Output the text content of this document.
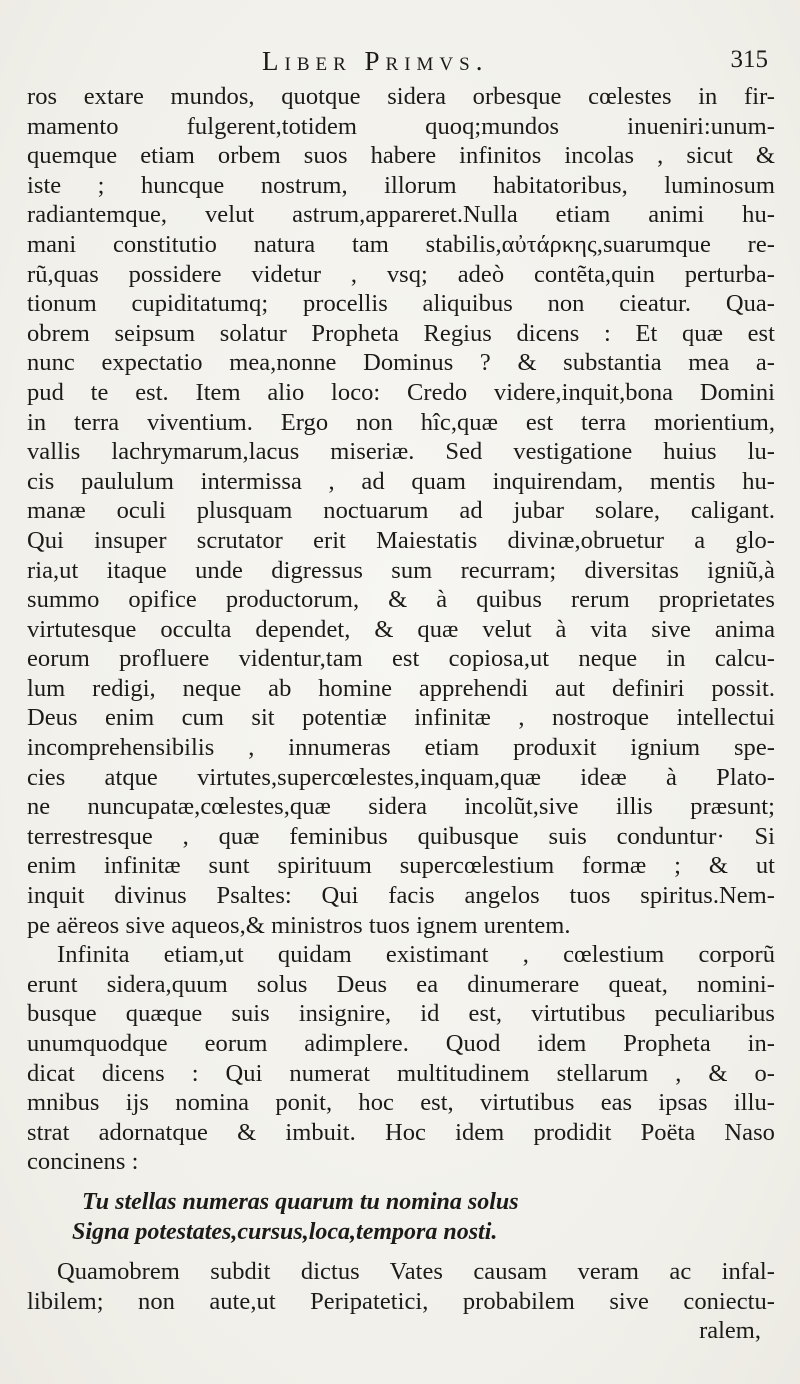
Liber Primvs.	315
ros extare mundos, quotque sidera orbesque cœlestes in fir-
mamento fulgerent,totidem quoq;mundos inueniri:unum-
quemque etiam orbem suos habere infinitos incolas , sicut &
iste ; huncque nostrum, illorum habitatoribus, luminosum
radiantemque, velut astrum,appareret.Nulla etiam animi hu-
mani constitutio natura tam stabilis,αὐτάρκης,suarumque re-
rũ,quas possidere videtur , vsq; adeò contẽta,quin perturba-
tionum cupiditatumq; procellis aliquibus non cieatur. Qua-
obrem seipsum solatur Propheta Regius dicens : Et quæ est
nunc expectatio mea,nonne Dominus ? & substantia mea a-
pud te est. Item alio loco: Credo videre,inquit,bona Domini
in terra viventium. Ergo non hîc,quæ est terra morientium,
vallis lachrymarum,lacus miseriæ. Sed vestigatione huius lu-
cis paululum intermissa , ad quam inquirendam, mentis hu-
manæ oculi plusquam noctuarum ad jubar solare, caligant.
Qui insuper scrutator erit Maiestatis divinæ,obruetur a glo-
ria,ut itaque unde digressus sum recurram; diversitas igniũ,à
summo opifice productorum, & à quibus rerum proprietates
virtutesque occulta dependet, & quæ velut à vita sive anima
eorum profluere videntur,tam est copiosa,ut neque in calcu-
lum redigi, neque ab homine apprehendi aut definiri possit.
Deus enim cum sit potentiæ infinitæ , nostroque intellectui
incomprehensibilis , innumeras etiam produxit ignium spe-
cies atque virtutes,supercœlestes,inquam,quæ ideæ à Plato-
ne nuncupatæ,cœlestes,quæ sidera incolũt,sive illis præsunt;
terrestresque , quæ feminibus quibusque suis conduntur· Si
enim infinitæ sunt spirituum supercœlestium formæ ; & ut
inquit divinus Psaltes: Qui facis angelos tuos spiritus.Nem-
pe aëreos sive aqueos,& ministros tuos ignem urentem.
Infinita etiam,ut quidam existimant , cœlestium corporũ
erunt sidera,quum solus Deus ea dinumerare queat, nomini-
busque quæque suis insignire, id est, virtutibus peculiaribus
unumquodque eorum adimplere. Quod idem Propheta in-
dicat dicens : Qui numerat multitudinem stellarum , & o-
mnibus ijs nomina ponit, hoc est, virtutibus eas ipsas illu-
strat adornatque & imbuit. Hoc idem prodidit Poëta Naso
concinens :
Tu stellas numeras quarum tu nomina solus
Signa potestates,cursus,loca,tempora nosti.
Quamobrem subdit dictus Vates causam veram ac infal-
libilem; non aute,ut Peripatetici, probabilem sive coniectu-
ralem,
